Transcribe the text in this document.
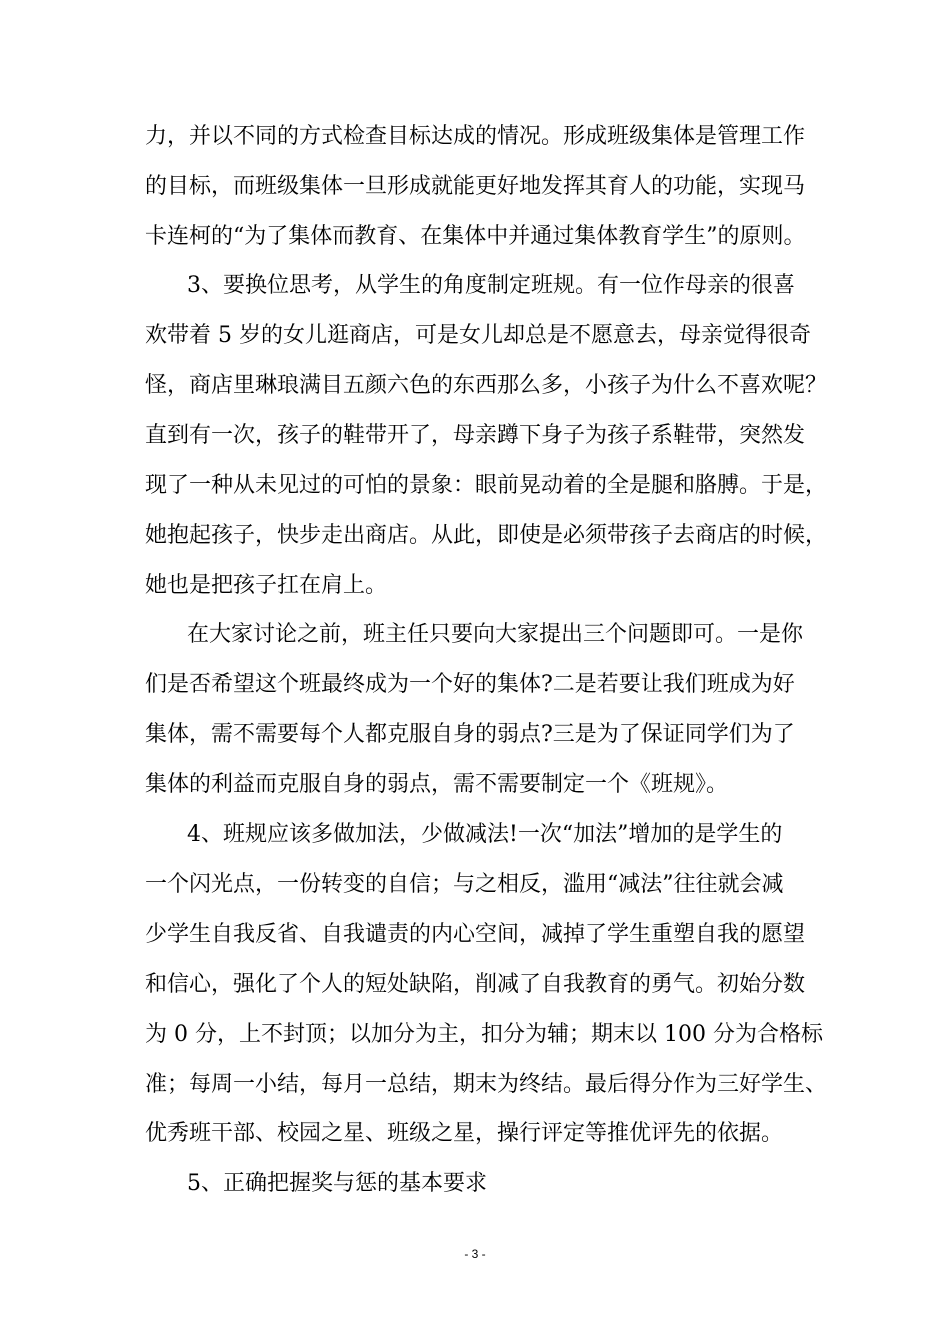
力，并以不同的方式检查目标达成的情况。形成班级集体是管理工作

的目标，而班级集体一旦形成就能更好地发挥其育人的功能，实现马

卡连柯的“为了集体而教育、在集体中并通过集体教育学生”的原则。

3、要换位思考，从学生的角度制定班规。有一位作母亲的很喜

欢带着 5 岁的女儿逛商店，可是女儿却总是不愿意去，母亲觉得很奇

怪，商店里琳琅满目五颜六色的东西那么多，小孩子为什么不喜欢呢？

直到有一次，孩子的鞋带开了，母亲蹲下身子为孩子系鞋带，突然发

现了一种从未见过的可怕的景象：眼前晃动着的全是腿和胳膊。于是，

她抱起孩子，快步走出商店。从此，即使是必须带孩子去商店的时候，

她也是把孩子扛在肩上。

在大家讨论之前，班主任只要向大家提出三个问题即可。一是你

们是否希望这个班最终成为一个好的集体?二是若要让我们班成为好

集体，需不需要每个人都克服自身的弱点?三是为了保证同学们为了

集体的利益而克服自身的弱点，需不需要制定一个《班规》。

4、班规应该多做加法，少做减法!一次“加法”增加的是学生的

一个闪光点，一份转变的自信；与之相反，滥用“减法”往往就会减

少学生自我反省、自我谴责的内心空间，减掉了学生重塑自我的愿望

和信心，强化了个人的短处缺陷，削减了自我教育的勇气。初始分数

为 0 分，上不封顶；以加分为主，扣分为辅；期末以 100 分为合格标

准；每周一小结，每月一总结，期末为终结。最后得分作为三好学生、

优秀班干部、校园之星、班级之星，操行评定等推优评先的依据。

5、正确把握奖与惩的基本要求

- 3 -
